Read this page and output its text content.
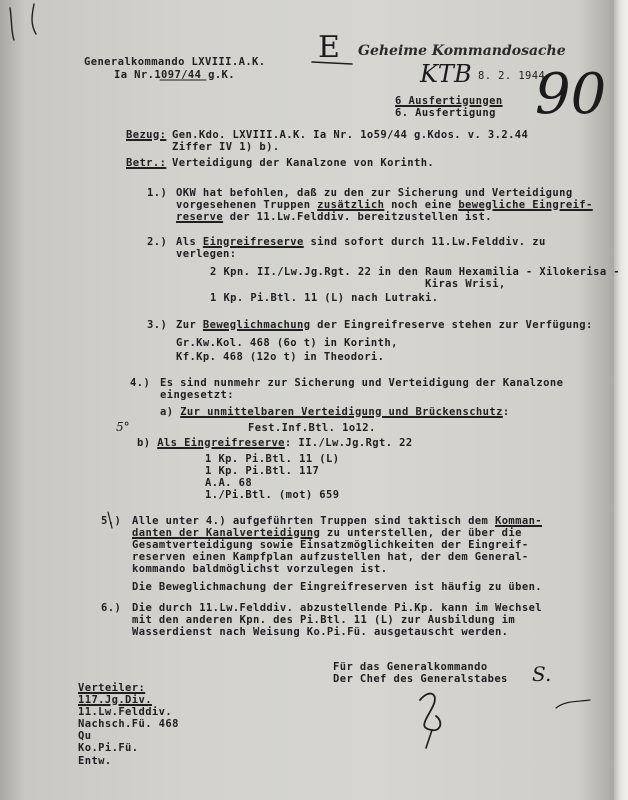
Generalkommando LXVIII.A.K.
Ia Nr.1097/44 g.K.
E Geheime Kommandosache
KTB 8. 2. 1944
6 Ausfertigungen
6. Ausfertigung 90
Bezug: Gen.Kdo. LXVIII.A.K. Ia Nr. 1o59/44 g.Kdos. v. 3.2.44
Ziffer IV 1) b).
Betr.: Verteidigung der Kanalzone von Korinth.
1.) OKW hat befohlen, daß zu den zur Sicherung und Verteidigung
vorgesehenen Truppen zusätzlich noch eine bewegliche Eingreif-
reserve der 11.Lw.Felddiv. bereitzustellen ist.
2.) Als Eingreifreserve sind sofort durch 11.Lw.Felddiv. zu
verlegen:
2 Kpn. II./Lw.Jg.Rgt. 22 in den Raum Hexamilia - Xilokerisa -
Kiras Wrisi,
1 Kp. Pi.Btl. 11 (L) nach Lutraki.
3.) Zur Beweglichmachung der Eingreifreserve stehen zur Verfügung:
Gr.Kw.Kol. 468 (6o t) in Korinth,
Kf.Kp. 468 (12o t) in Theodori.
4.) Es sind nunmehr zur Sicherung und Verteidigung der Kanalzone
eingesetzt:
a) Zur unmittelbaren Verteidigung und Brückenschutz:
Fest.Inf.Btl. 1o12.
5°
b) Als Eingreifreserve: II./Lw.Jg.Rgt. 22
1 Kp. Pi.Btl. 11 (L)
1 Kp. Pi.Btl. 117
A.A. 68
1./Pi.Btl. (mot) 659
5.) Alle unter 4.) aufgeführten Truppen sind taktisch dem Komman-
danten der Kanalverteidigung zu unterstellen, der über die
Gesamtverteidigung sowie Einsatzmöglichkeiten der Eingreif-
reserven einen Kampfplan aufzustellen hat, der dem General-
kommando baldmöglichst vorzulegen ist.
Die Beweglichmachung der Eingreifreserven ist häufig zu üben.
6.) Die durch 11.Lw.Felddiv. abzustellende Pi.Kp. kann im Wechsel
mit den anderen Kpn. des Pi.Btl. 11 (L) zur Ausbildung im
Wasserdienst nach Weisung Ko.Pi.Fü. ausgetauscht werden.
Für das Generalkommando
Der Chef des Generalstabes S.
Verteiler:
117.Jg.Div.
11.Lw.Felddiv.
Nachsch.Fü. 468
Qu
Ko.Pi.Fü.
Entw.
